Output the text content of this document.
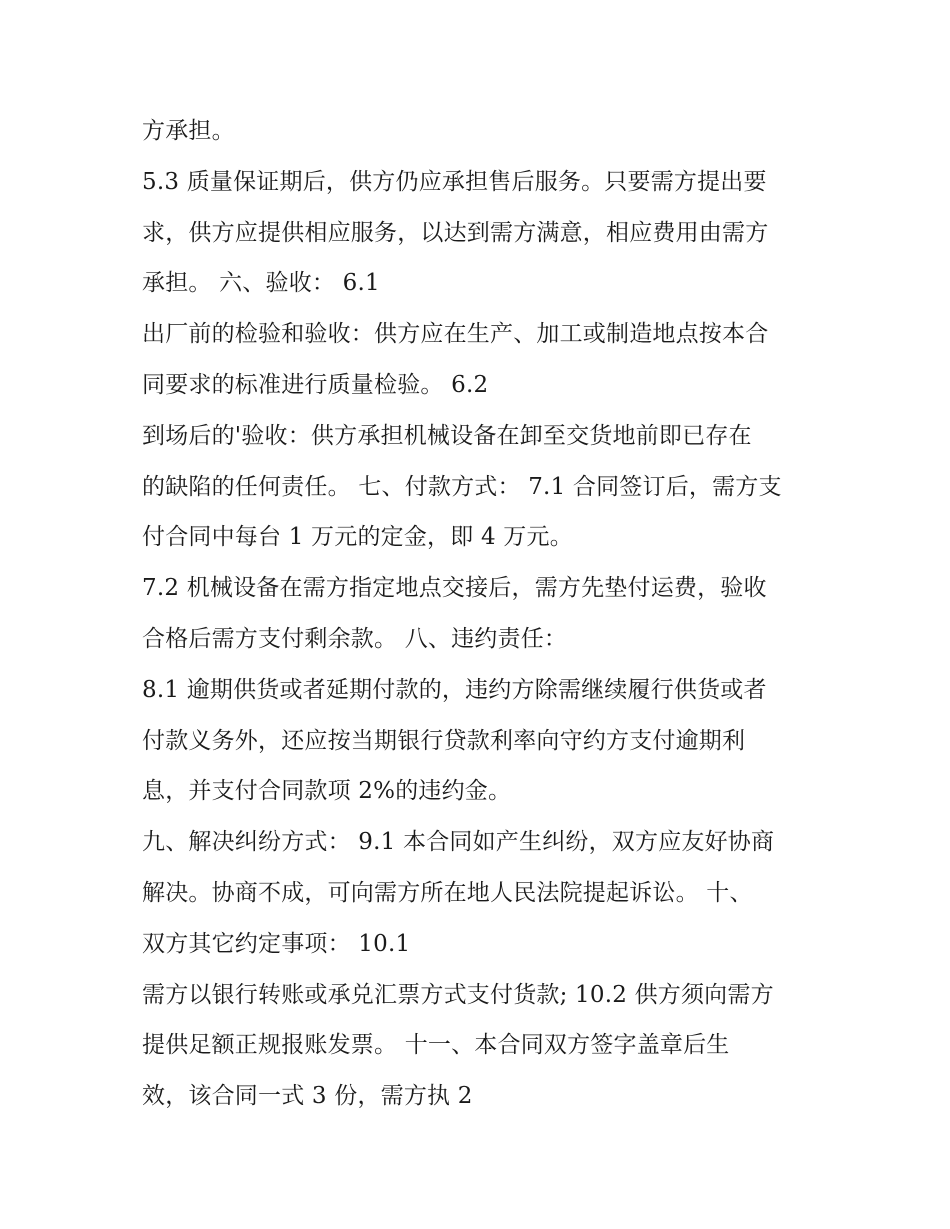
方承担。
5.3 质量保证期后，供方仍应承担售后服务。只要需方提出要
求，供方应提供相应服务，以达到需方满意，相应费用由需方
承担。 六、验收： 6.1
出厂前的检验和验收：供方应在生产、加工或制造地点按本合
同要求的标准进行质量检验。 6.2
到场后的'验收：供方承担机械设备在卸至交货地前即已存在
的缺陷的任何责任。 七、付款方式： 7.1 合同签订后，需方支
付合同中每台 1 万元的定金，即 4 万元。
7.2 机械设备在需方指定地点交接后，需方先垫付运费，验收
合格后需方支付剩余款。 八、违约责任：
8.1 逾期供货或者延期付款的，违约方除需继续履行供货或者
付款义务外，还应按当期银行贷款利率向守约方支付逾期利
息，并支付合同款项 2%的违约金。
九、解决纠纷方式： 9.1 本合同如产生纠纷，双方应友好协商
解决。协商不成，可向需方所在地人民法院提起诉讼。 十、
双方其它约定事项： 10.1
需方以银行转账或承兑汇票方式支付货款; 10.2 供方须向需方
提供足额正规报账发票。 十一、本合同双方签字盖章后生
效，该合同一式 3 份，需方执 2
